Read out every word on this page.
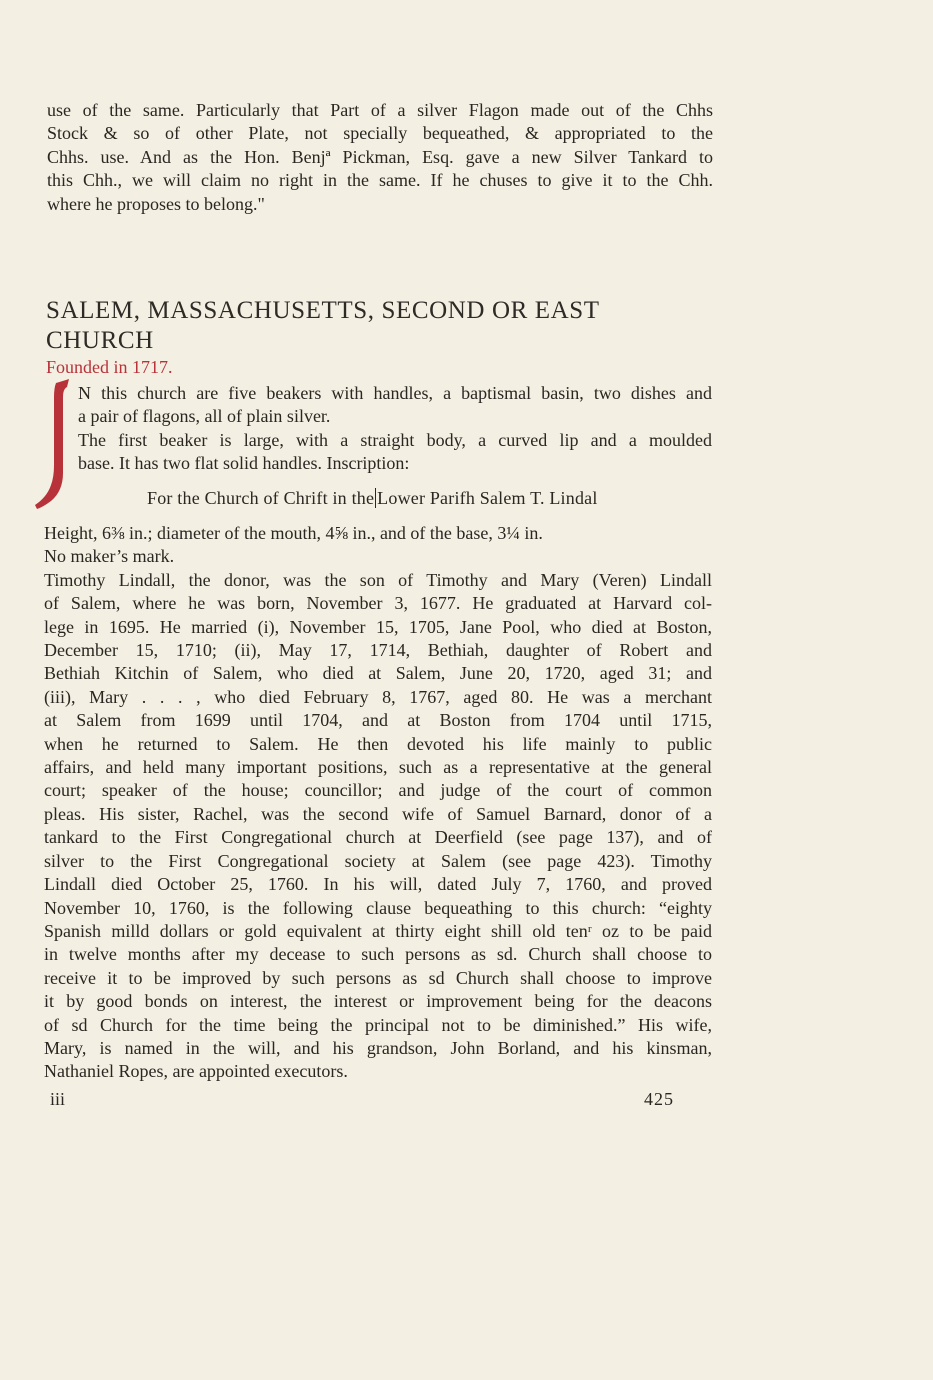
use of the same. Particularly that Part of a silver Flagon made out of the Chhs
Stock & so of other Plate, not specially bequeathed, & appropriated to the
Chhs. use. And as the Hon. Benjª Pickman, Esq. gave a new Silver Tankard to
this Chh., we will claim no right in the same. If he chuses to give it to the Chh.
where he proposes to belong."
SALEM, MASSACHUSETTS, SECOND OR EAST
CHURCH
Founded in 1717.
N this church are five beakers with handles, a baptismal basin, two dishes and
a pair of flagons, all of plain silver.
The first beaker is large, with a straight body, a curved lip and a moulded
base. It has two flat solid handles. Inscription:
For the Church of Chrift in the Lower Parifh Salem T. Lindal
Height, 6⅜ in.; diameter of the mouth, 4⅝ in., and of the base, 3¼ in.
No maker’s mark.
Timothy Lindall, the donor, was the son of Timothy and Mary (Veren) Lindall
of Salem, where he was born, November 3, 1677. He graduated at Harvard col-
lege in 1695. He married (i), November 15, 1705, Jane Pool, who died at Boston,
December 15, 1710; (ii), May 17, 1714, Bethiah, daughter of Robert and
Bethiah Kitchin of Salem, who died at Salem, June 20, 1720, aged 31; and
(iii), Mary . . . , who died February 8, 1767, aged 80. He was a merchant
at Salem from 1699 until 1704, and at Boston from 1704 until 1715,
when he returned to Salem. He then devoted his life mainly to public
affairs, and held many important positions, such as a representative at the general
court; speaker of the house; councillor; and judge of the court of common
pleas. His sister, Rachel, was the second wife of Samuel Barnard, donor of a
tankard to the First Congregational church at Deerfield (see page 137), and of
silver to the First Congregational society at Salem (see page 423). Timothy
Lindall died October 25, 1760. In his will, dated July 7, 1760, and proved
November 10, 1760, is the following clause bequeathing to this church: “eighty
Spanish milld dollars or gold equivalent at thirty eight shill old tenʳ oz to be paid
in twelve months after my decease to such persons as sd. Church shall choose to
receive it to be improved by such persons as sd Church shall choose to improve
it by good bonds on interest, the interest or improvement being for the deacons
of sd Church for the time being the principal not to be diminished.” His wife,
Mary, is named in the will, and his grandson, John Borland, and his kinsman,
Nathaniel Ropes, are appointed executors.
iii	425
